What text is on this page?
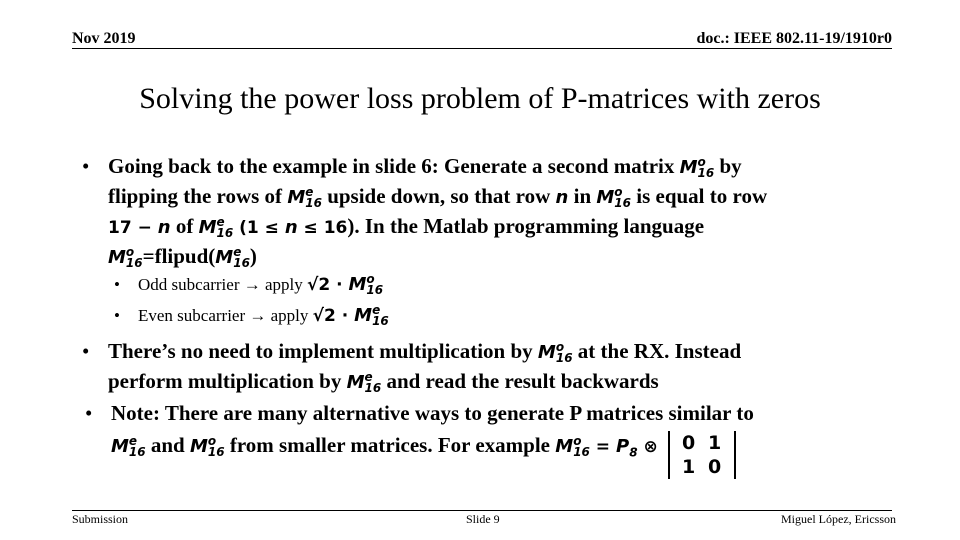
Nov 2019	doc.: IEEE 802.11-19/1910r0
Solving the power loss problem of P-matrices with zeros
• Going back to the example in slide 6: Generate a second matrix M o
16 by
flipping the rows of M e
16 upside down, so that row n in M o
16 is equal to row
17 − n of M e
16 (1 ≤ n ≤ 16). In the Matlab programming language
M o
16 =flipud(M e
16 )
• Odd subcarrier → apply √2 · M o
16
• Even subcarrier → apply √2 · M e
16
• There’s no need to implement multiplication by M o
16 at the RX. Instead
perform multiplication by M e
16 and read the result backwards
• Note: There are many alternative ways to generate P matrices similar to
M e
16 and M o
16 from smaller matrices. For example M o
$16 = P_8$ ⊗ 0 1
1 0
Submission	Slide 9	Miguel López, Ericsson
